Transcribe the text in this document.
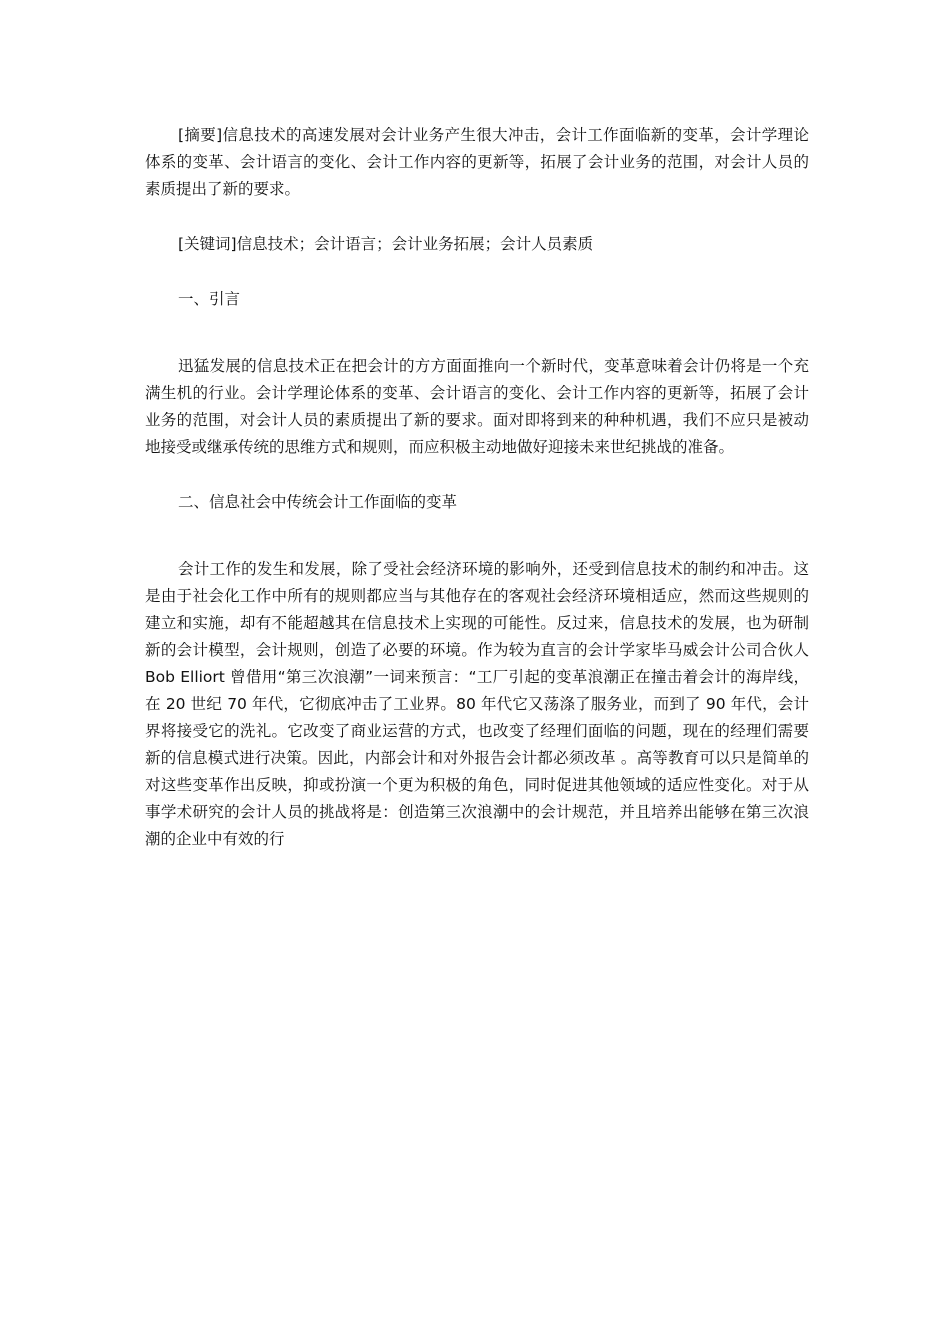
[摘要]信息技术的高速发展对会计业务产生很大冲击，会计工作面临新的变革，会计学理论体系的变革、会计语言的变化、会计工作内容的更新等，拓展了会计业务的范围，对会计人员的素质提出了新的要求。

[关键词]信息技术；会计语言；会计业务拓展；会计人员素质

一、引言

迅猛发展的信息技术正在把会计的方方面面推向一个新时代，变革意味着会计仍将是一个充满生机的行业。会计学理论体系的变革、会计语言的变化、会计工作内容的更新等，拓展了会计业务的范围，对会计人员的素质提出了新的要求。面对即将到来的种种机遇，我们不应只是被动地接受或继承传统的思维方式和规则，而应积极主动地做好迎接未来世纪挑战的准备。

二、信息社会中传统会计工作面临的变革

会计工作的发生和发展，除了受社会经济环境的影响外，还受到信息技术的制约和冲击。这是由于社会化工作中所有的规则都应当与其他存在的客观社会经济环境相适应，然而这些规则的建立和实施，却有不能超越其在信息技术上实现的可能性。反过来，信息技术的发展，也为研制新的会计模型，会计规则，创造了必要的环境。作为较为直言的会计学家毕马威会计公司合伙人 Bob Elliort 曾借用“第三次浪潮”一词来预言：“工厂引起的变革浪潮正在撞击着会计的海岸线，在 20 世纪 70 年代，它彻底冲击了工业界。80 年代它又荡涤了服务业，而到了 90 年代，会计界将接受它的洗礼。它改变了商业运营的方式，也改变了经理们面临的问题，现在的经理们需要新的信息模式进行决策。因此，内部会计和对外报告会计都必须改革 。高等教育可以只是简单的对这些变革作出反映，抑或扮演一个更为积极的角色，同时促进其他领域的适应性变化。对于从事学术研究的会计人员的挑战将是：创造第三次浪潮中的会计规范，并且培养出能够在第三次浪潮的企业中有效的行
